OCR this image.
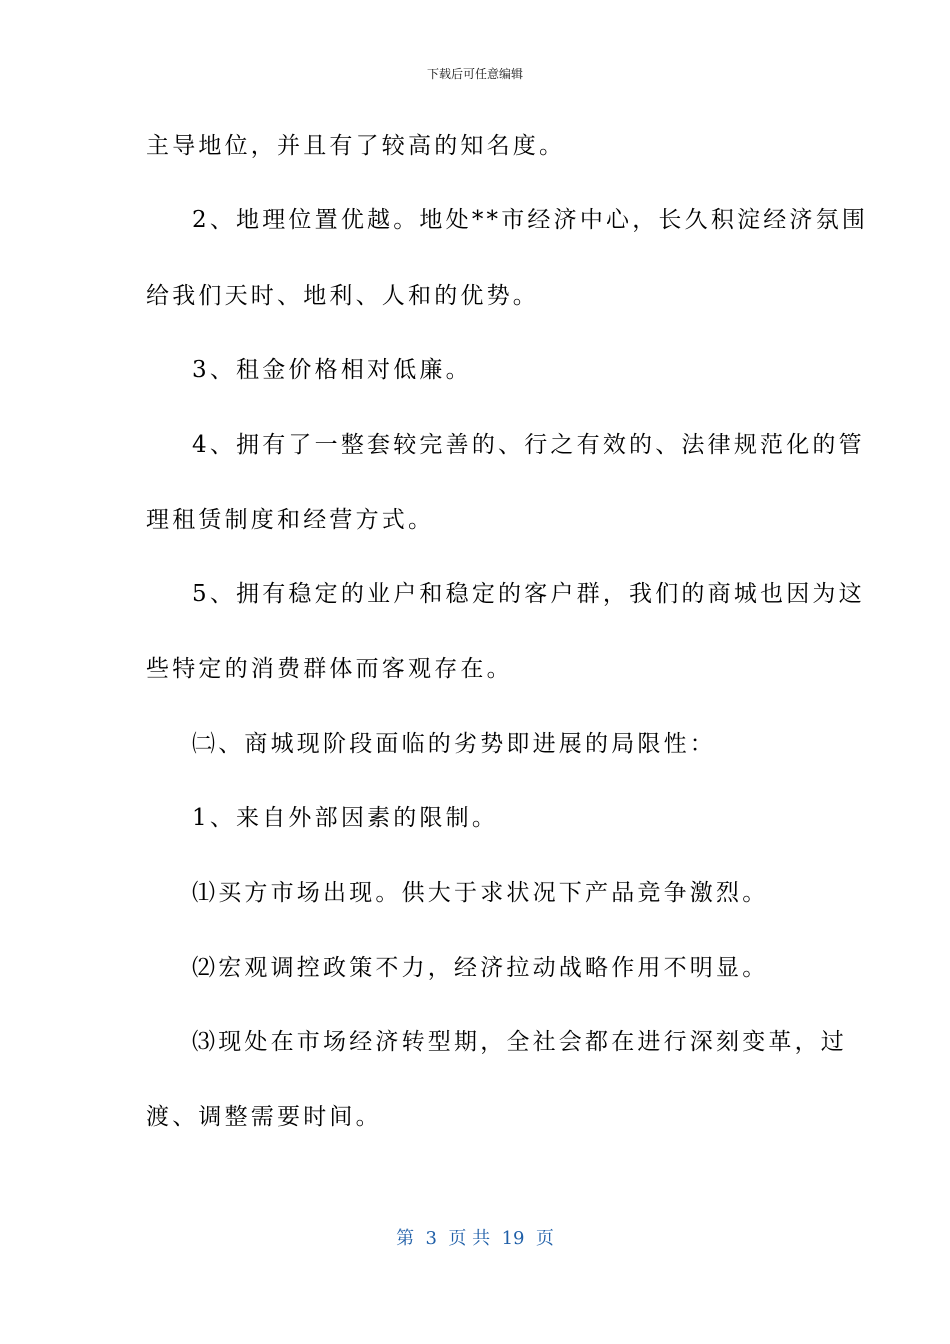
下载后可任意编辑
主导地位，并且有了较高的知名度。
2、地理位置优越。地处**市经济中心，长久积淀经济氛围
给我们天时、地利、人和的优势。
3、租金价格相对低廉。
4、拥有了一整套较完善的、行之有效的、法律规范化的管
理租赁制度和经营方式。
5、拥有稳定的业户和稳定的客户群，我们的商城也因为这
些特定的消费群体而客观存在。
㈡、商城现阶段面临的劣势即进展的局限性：
1、来自外部因素的限制。
⑴买方市场出现。供大于求状况下产品竞争激烈。
⑵宏观调控政策不力，经济拉动战略作用不明显。
⑶现处在市场经济转型期，全社会都在进行深刻变革，过
渡、调整需要时间。
第  3  页 共  19  页
